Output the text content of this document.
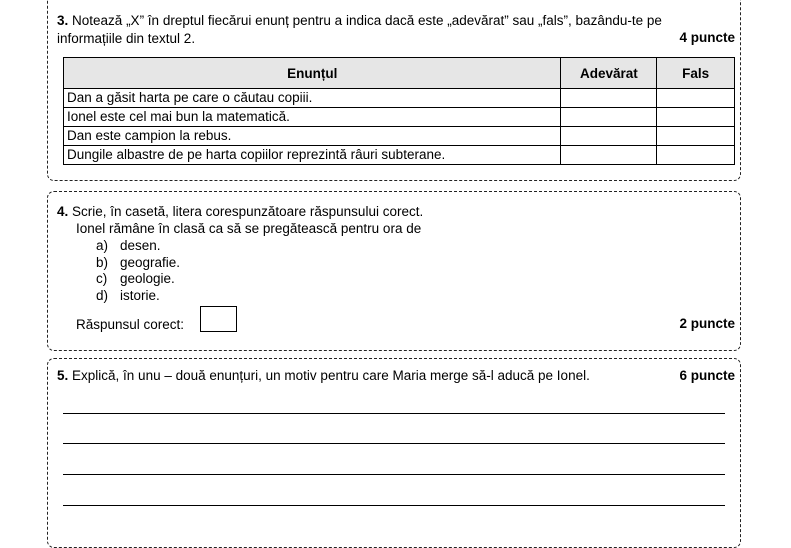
3. Notează „X” în dreptul fiecărui enunț pentru a indica dacă este „adevărat” sau „fals”, bazându-te pe
informațiile din textul 2.	4 puncte
Enunțul	Adevărat	Fals
Dan a găsit harta pe care o căutau copiii.		
Ionel este cel mai bun la matematică.		
Dan este campion la rebus.		
Dungile albastre de pe harta copiilor reprezintă râuri subterane.		
4. Scrie, în casetă, litera corespunzătoare răspunsului corect.
Ionel rămâne în clasă ca să se pregătească pentru ora de
a) desen.
b) geografie.
c) geologie.
d) istorie.
Răspunsul corect:	2 puncte
5. Explică, în unu – două enunțuri, un motiv pentru care Maria merge să-l aducă pe Ionel.	6 puncte
